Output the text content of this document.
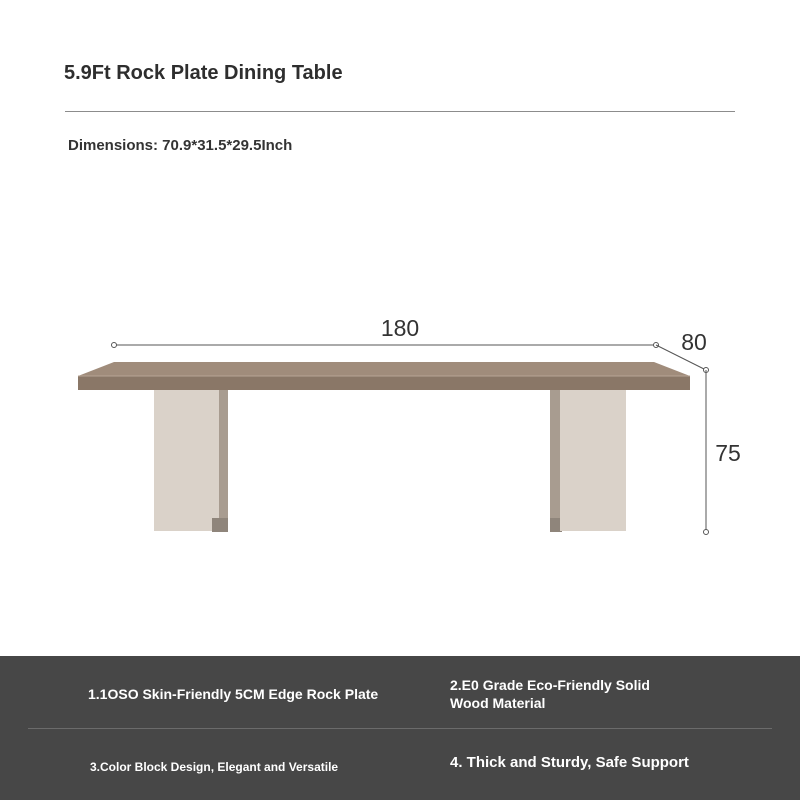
5.9Ft Rock Plate Dining Table
Dimensions: 70.9*31.5*29.5Inch
180
80
75
1.1OSO Skin-Friendly 5CM Edge Rock Plate
2.E0 Grade Eco-Friendly Solid Wood Material
3.Color Block Design, Elegant and Versatile	4. Thick and Sturdy, Safe Support
